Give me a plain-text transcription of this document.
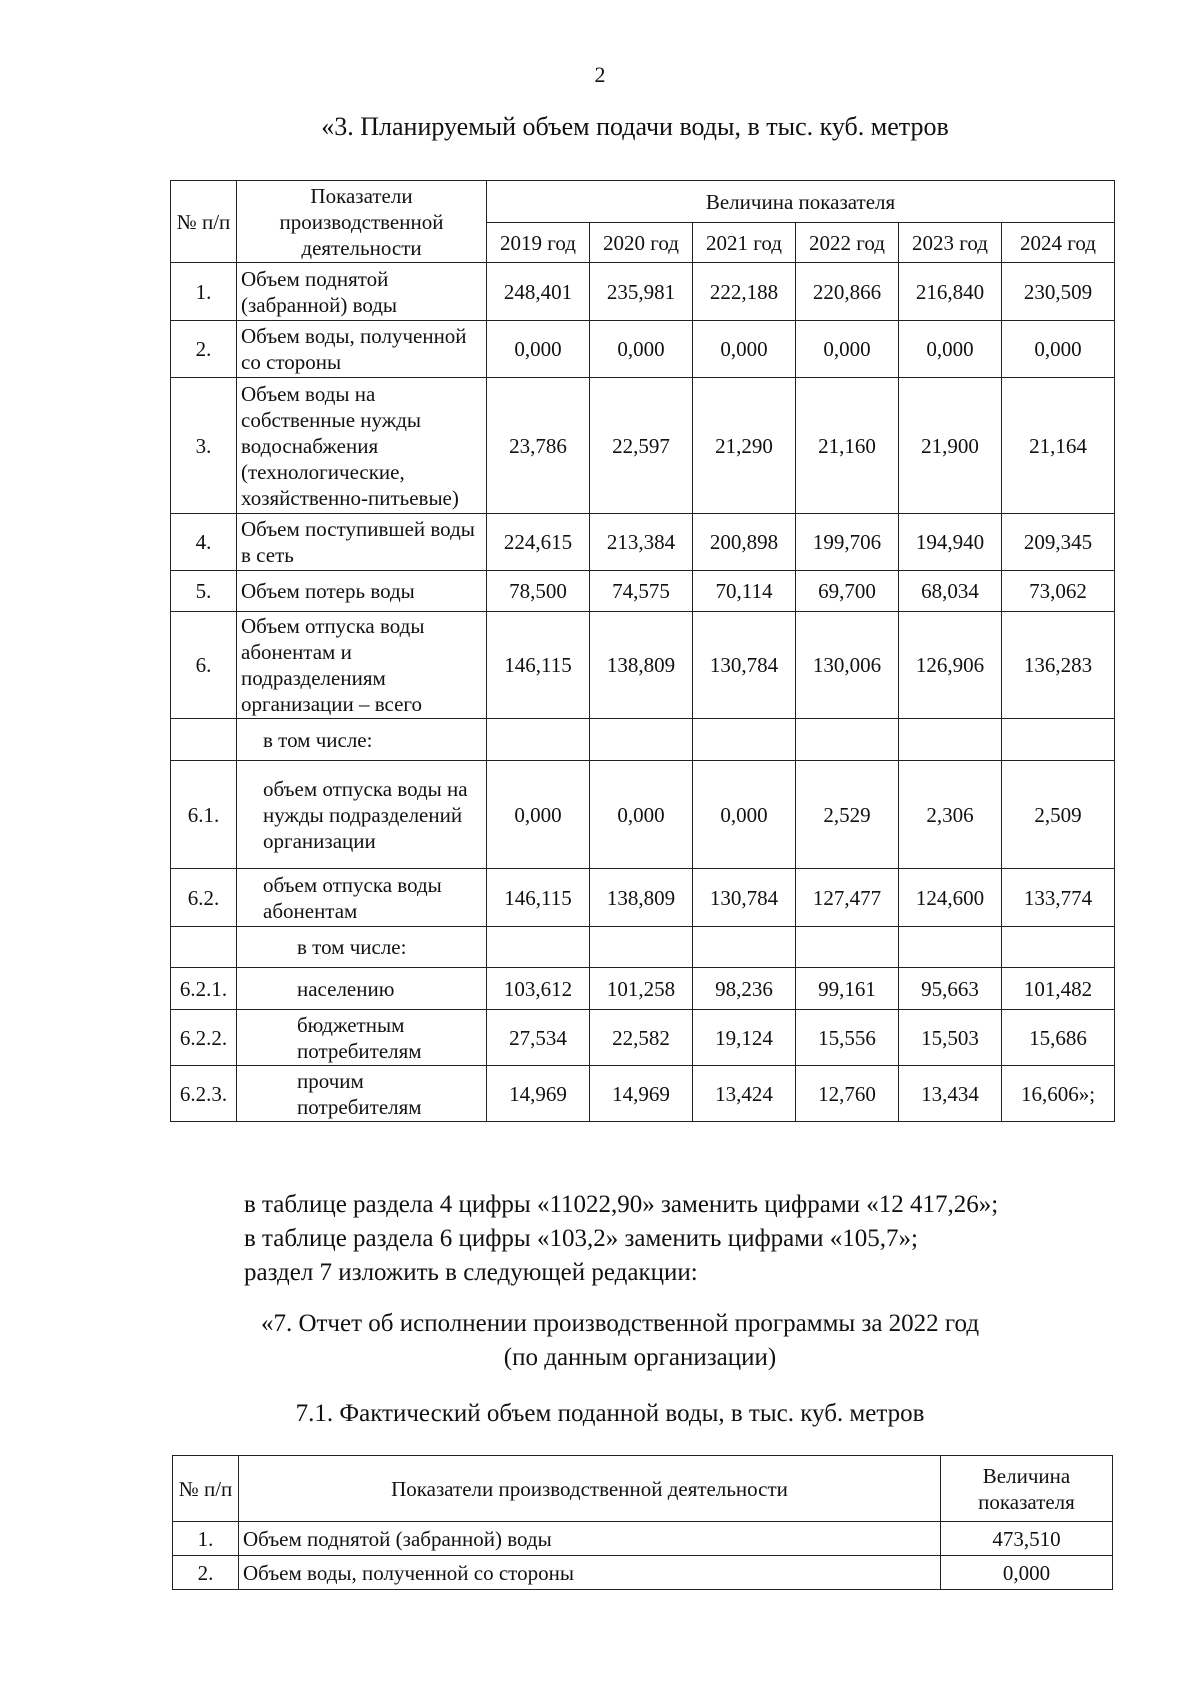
2
«3. Планируемый объем подачи воды, в тыс. куб. метров
№ п/п	Показатели производственной деятельности	Величина показателя					
		2019 год	2020 год	2021 год	2022 год	2023 год	2024 год
1.	Объем поднятой (забранной) воды	248,401	235,981	222,188	220,866	216,840	230,509
2.	Объем воды, полученной со стороны	0,000	0,000	0,000	0,000	0,000	0,000
3.	Объем воды на собственные нужды водоснабжения (технологические, хозяйственно-питьевые)	23,786	22,597	21,290	21,160	21,900	21,164
4.	Объем поступившей воды в сеть	224,615	213,384	200,898	199,706	194,940	209,345
5.	Объем потерь воды	78,500	74,575	70,114	69,700	68,034	73,062
6.	Объем отпуска воды абонентам и подразделениям организации – всего	146,115	138,809	130,784	130,006	126,906	136,283
	в том числе:						
6.1.	объем отпуска воды на нужды подразделений организации	0,000	0,000	0,000	2,529	2,306	2,509
6.2.	объем отпуска воды абонентам	146,115	138,809	130,784	127,477	124,600	133,774
	в том числе:						
6.2.1.	населению	103,612	101,258	98,236	99,161	95,663	101,482
6.2.2.	бюджетным потребителям	27,534	22,582	19,124	15,556	15,503	15,686
6.2.3.	прочим потребителям	14,969	14,969	13,424	12,760	13,434	16,606»;
в таблице раздела 4 цифры «11022,90» заменить цифрами «12 417,26»;
в таблице раздела 6 цифры «103,2» заменить цифрами «105,7»;
раздел 7 изложить в следующей редакции:
«7. Отчет об исполнении производственной программы за 2022 год
(по данным организации)
7.1. Фактический объем поданной воды, в тыс. куб. метров
№ п/п	Показатели производственной деятельности	Величина показателя
1.	Объем поднятой (забранной) воды	473,510
2.	Объем воды, полученной со стороны	0,000
